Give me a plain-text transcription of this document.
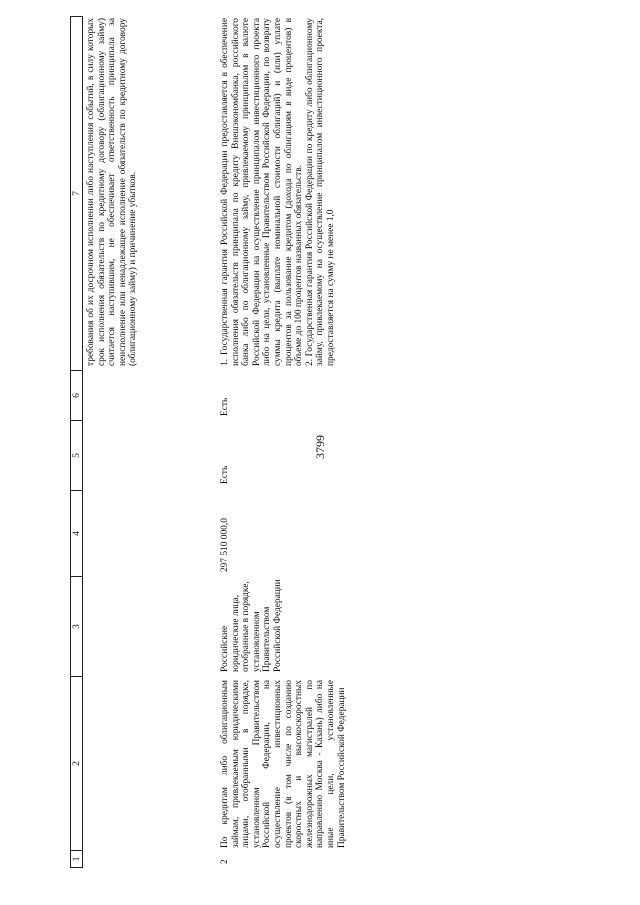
3799
1
2
3
4
5
6
7 требования об их досрочном исполнении либо наступления событий, в силу которых срок исполнения обязательств по кредитному договору (облигационному займу) считается наступившим, не обеспечивает ответственность принципала за неисполнение или ненадлежащее исполнение обязательств по кредитному договору (облигационному займу) и причинение убытков.
2
По кредитам либо облигационным займам, привлекаемым юридическими лицами, отобранными в порядке, установленном Правительством Российской Федерации, на осуществление инвестиционных проектов (в том числе по созданию скоростных и высокоскоростных железнодорожных магистралей по направлению Москва - Казань) либо на иные цели, установленные Правительством Российской Федерации
Российские юридические лица, отобранные в порядке, установленном Правительством Российской Федерации
297 510 000,0
Есть
Есть

1. Государственная гарантия Российской Федерации предоставляется в обеспечение исполнения обязательств принципала по кредиту Внешэкономбанка, российского банка либо по облигационному займу, привлекаемому принципалом в валюте Российской Федерации на осуществление принципалом инвестиционного проекта либо на цели, установленные Правительством Российской Федерации, по возврату суммы кредита (выплате номинальной стоимости облигаций) и (или) уплате процентов за пользование кредитом (дохода по облигациям в виде процентов) в объеме до 100 процентов названных обязательств. 2. Государственная гарантия Российской Федерации по кредиту либо облигационному займу, привлекаемому на осуществление принципалом инвестиционного проекта, предоставляется на сумму не менее 1,0
